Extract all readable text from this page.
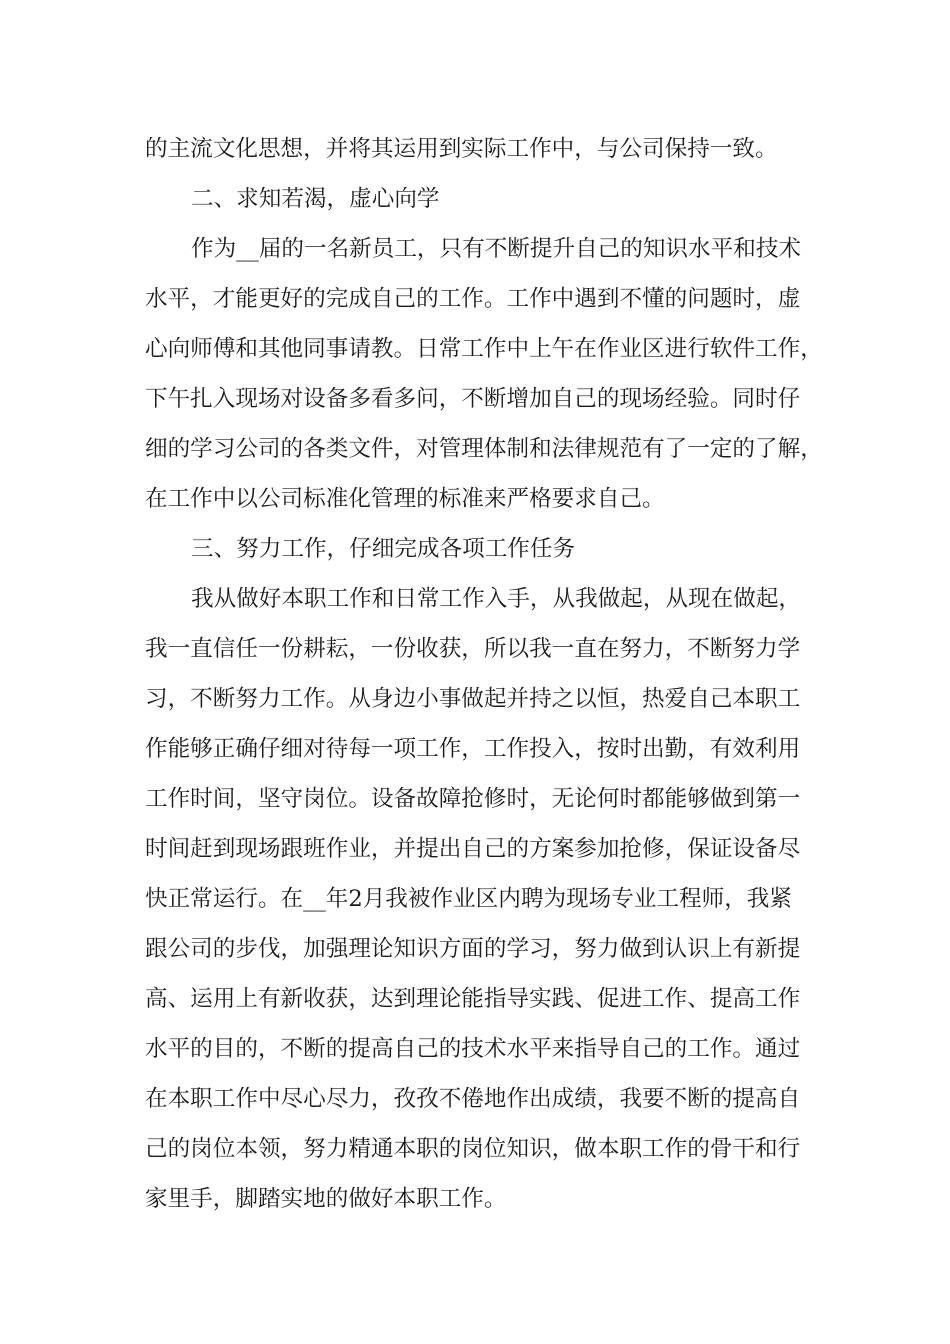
的主流文化思想，并将其运用到实际工作中，与公司保持一致。
二、求知若渴，虚心向学
作为__届的一名新员工，只有不断提升自己的知识水平和技术
水平，才能更好的完成自己的工作。工作中遇到不懂的问题时，虚
心向师傅和其他同事请教。日常工作中上午在作业区进行软件工作，
下午扎入现场对设备多看多问，不断增加自己的现场经验。同时仔
细的学习公司的各类文件，对管理体制和法律规范有了一定的了解，
在工作中以公司标准化管理的标准来严格要求自己。
三、努力工作，仔细完成各项工作任务
我从做好本职工作和日常工作入手，从我做起，从现在做起，
我一直信任一份耕耘，一份收获，所以我一直在努力，不断努力学
习，不断努力工作。从身边小事做起并持之以恒，热爱自己本职工
作能够正确仔细对待每一项工作，工作投入，按时出勤，有效利用
工作时间，坚守岗位。设备故障抢修时，无论何时都能够做到第一
时间赶到现场跟班作业，并提出自己的方案参加抢修，保证设备尽
快正常运行。在__年2月我被作业区内聘为现场专业工程师，我紧
跟公司的步伐，加强理论知识方面的学习，努力做到认识上有新提
高、运用上有新收获，达到理论能指导实践、促进工作、提高工作
水平的目的，不断的提高自己的技术水平来指导自己的工作。通过
在本职工作中尽心尽力，孜孜不倦地作出成绩，我要不断的提高自
己的岗位本领，努力精通本职的岗位知识，做本职工作的骨干和行
家里手，脚踏实地的做好本职工作。
